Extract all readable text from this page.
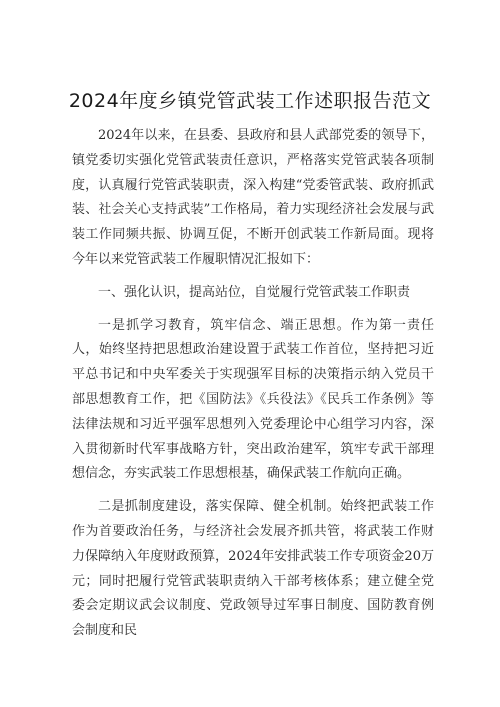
2024年度乡镇党管武装工作述职报告范文

2024年以来，在县委、县政府和县人武部党委的领导下，镇党委切实强化党管武装责任意识，严格落实党管武装各项制度，认真履行党管武装职责，深入构建“党委管武装、政府抓武装、社会关心支持武装”工作格局，着力实现经济社会发展与武装工作同频共振、协调互促，不断开创武装工作新局面。现将今年以来党管武装工作履职情况汇报如下：

一、强化认识，提高站位，自觉履行党管武装工作职责

一是抓学习教育，筑牢信念、端正思想。作为第一责任人，始终坚持把思想政治建设置于武装工作首位，坚持把习近平总书记和中央军委关于实现强军目标的决策指示纳入党员干部思想教育工作，把《国防法》《兵役法》《民兵工作条例》等法律法规和习近平强军思想列入党委理论中心组学习内容，深入贯彻新时代军事战略方针，突出政治建军，筑牢专武干部理想信念，夯实武装工作思想根基，确保武装工作航向正确。

二是抓制度建设，落实保障、健全机制。始终把武装工作作为首要政治任务，与经济社会发展齐抓共管，将武装工作财力保障纳入年度财政预算，2024年安排武装工作专项资金20万元；同时把履行党管武装职责纳入干部考核体系；建立健全党委会定期议武会议制度、党政领导过军事日制度、国防教育例会制度和民
